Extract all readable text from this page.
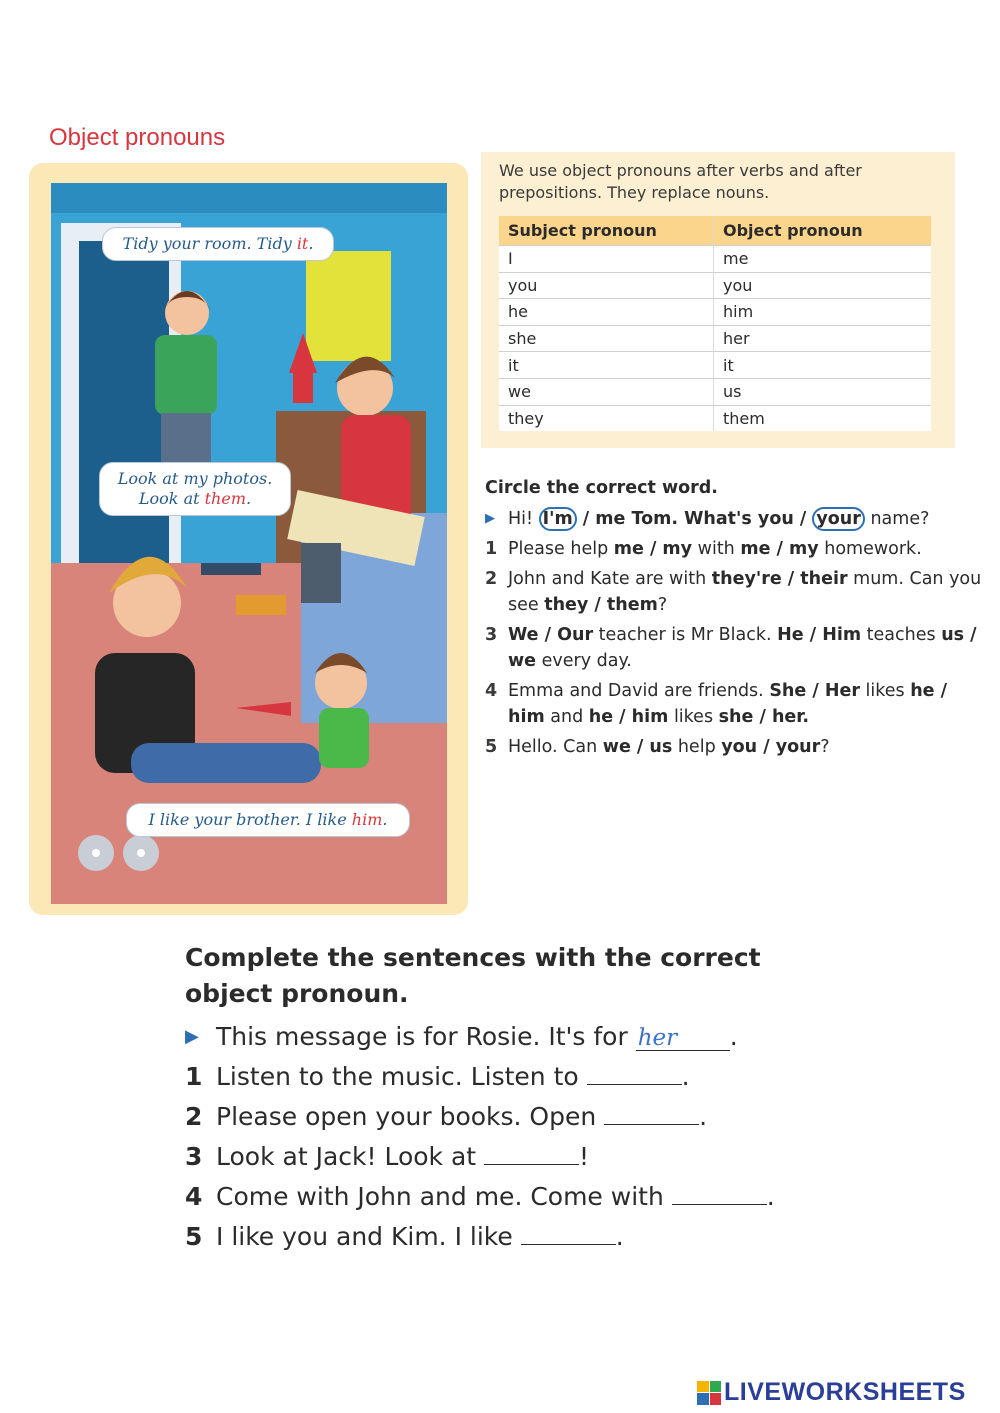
Object pronouns
Tidy your room. Tidy it.
Look at my photos.
Look at them.
I like your brother. I like him.
We use object pronouns after verbs and after prepositions. They replace nouns.
Subject pronoun	Object pronoun
I	me
you	you
he	him
she	her
it	it
we	us
they	them
Circle the correct word.
▶ Hi! I'm / me Tom. What's you / your name?
1 Please help me / my with me / my homework.
2 John and Kate are with they're / their mum. Can you see they / them?
3 We / Our teacher is Mr Black. He / Him teaches us / we every day.
4 Emma and David are friends. She / Her likes he / him and he / him likes she / her.
5 Hello. Can we / us help you / your?
Complete the sentences with the correct object pronoun.
▶ This message is for Rosie. It's for her .
1 Listen to the music. Listen to	.
2 Please open your books. Open	.
3 Look at Jack! Look at	!
4 Come with John and me. Come with	.
5 I like you and Kim. I like	.
LIVEWORKSHEETS
